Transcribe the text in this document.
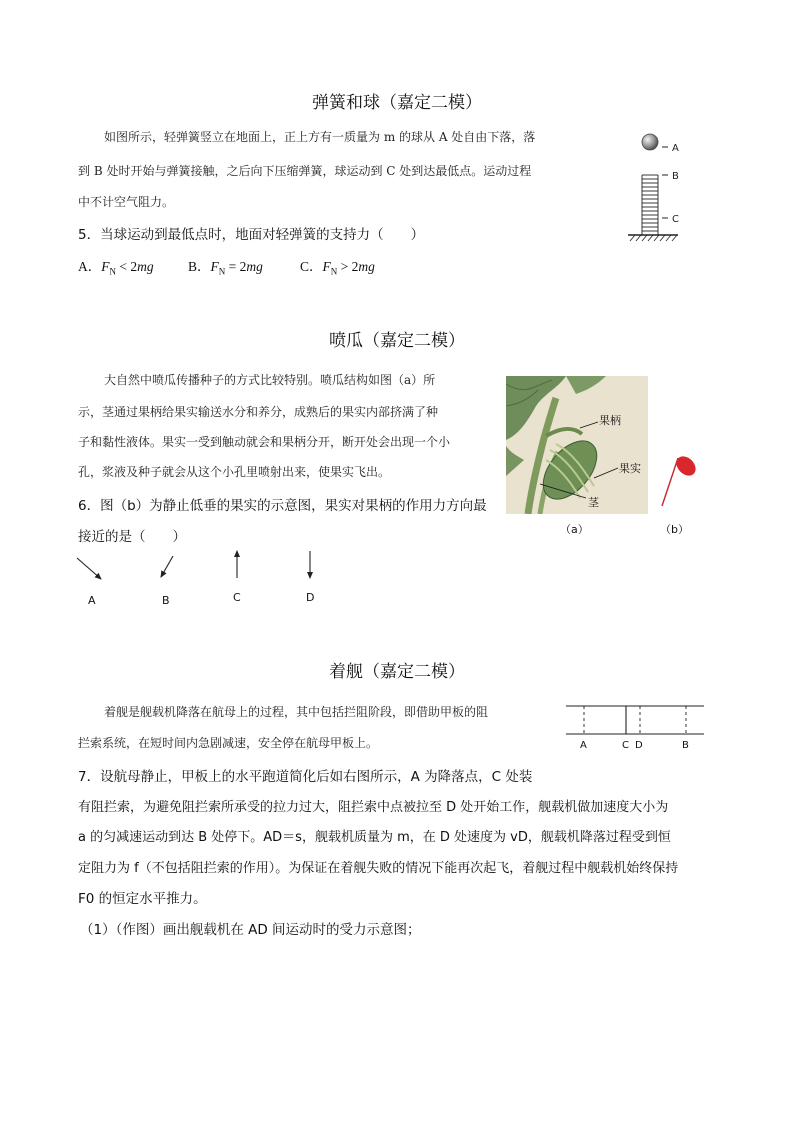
弹簧和球（嘉定二模）
如图所示，轻弹簧竖立在地面上，正上方有一质量为 m 的球从 A 处自由下落，落
到 B 处时开始与弹簧接触，之后向下压缩弹簧，球运动到 C 处到达最低点。运动过程
中不计空气阻力。
5．当球运动到最低点时，地面对轻弹簧的支持力（　　）
A．$F_N < 2mg$	B．$F_N = 2mg$	C．$F_N > 2mg$
A
B
C
喷瓜（嘉定二模）
大自然中喷瓜传播种子的方式比较特别。喷瓜结构如图（a）所
示，茎通过果柄给果实输送水分和养分，成熟后的果实内部挤满了种
子和黏性液体。果实一受到触动就会和果柄分开，断开处会出现一个小
孔，浆液及种子就会从这个小孔里喷射出来，使果实飞出。
6．图（b）为静止低垂的果实的示意图，果实对果柄的作用力方向最
接近的是（　　）
A	B	C	D
果柄
果实
茎
（a）	（b）
着舰（嘉定二模）
着舰是舰载机降落在航母上的过程，其中包括拦阻阶段，即借助甲板的阻
拦索系统，在短时间内急剧减速，安全停在航母甲板上。
7．设航母静止，甲板上的水平跑道简化后如右图所示，A 为降落点，C 处装
有阻拦索，为避免阻拦索所承受的拉力过大，阻拦索中点被拉至 D 处开始工作，舰载机做加速度大小为
a 的匀减速运动到达 B 处停下。AD＝s，舰载机质量为 m，在 D 处速度为 vD，舰载机降落过程受到恒
定阻力为 f（不包括阻拦索的作用）。为保证在着舰失败的情况下能再次起飞，着舰过程中舰载机始终保持
F0 的恒定水平推力。
（1）（作图）画出舰载机在 AD 间运动时的受力示意图；
A	C D	B
